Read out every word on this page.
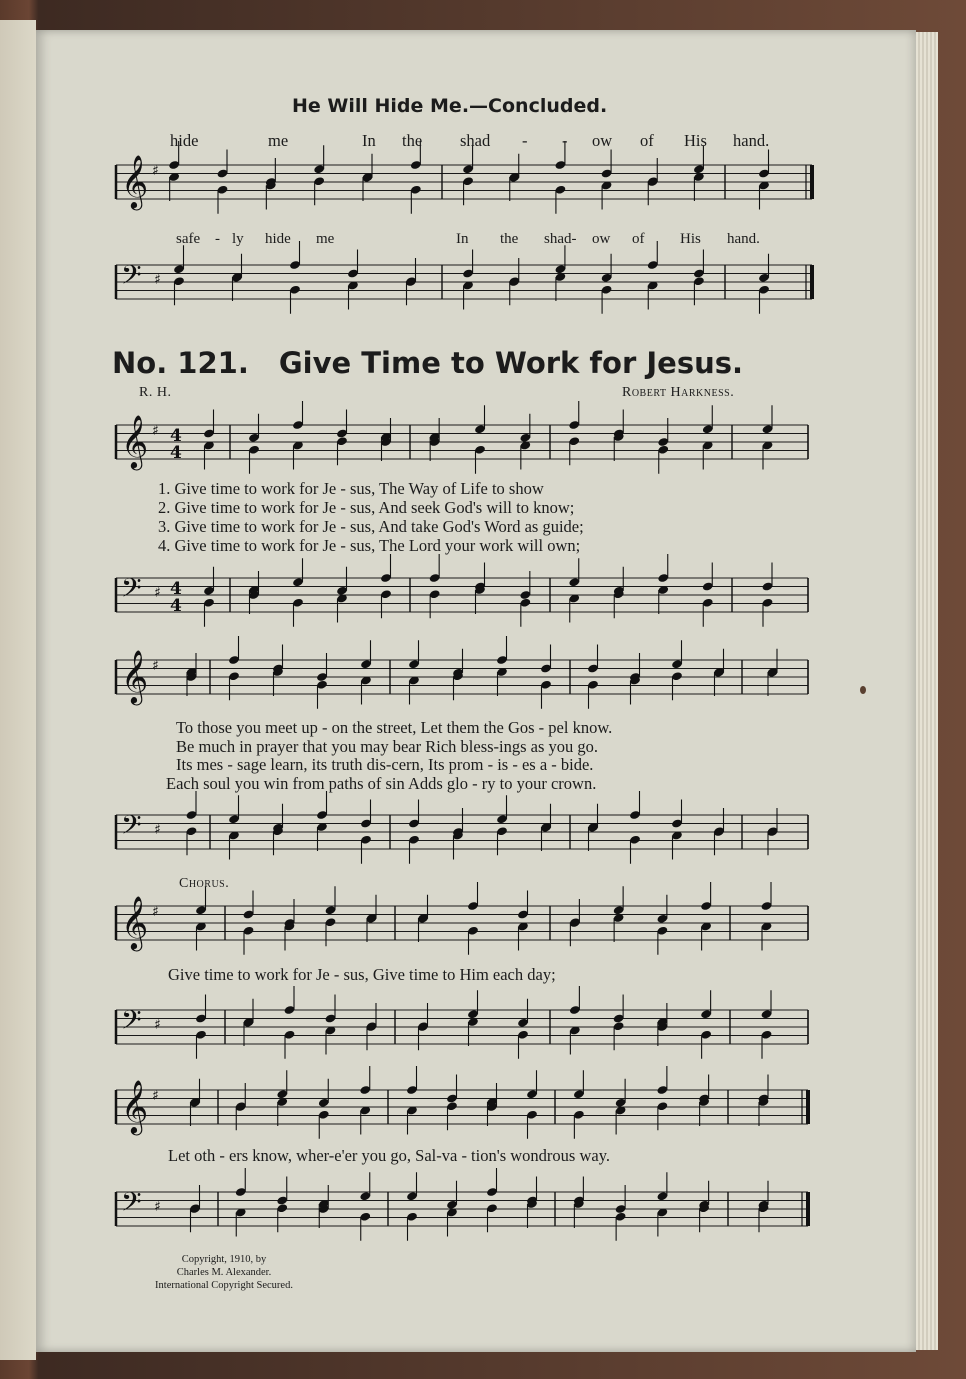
𝄞 ♯
𝄢 ♯
𝄞 ♯
𝄢 ♯
𝄞 ♯
𝄢 ♯
𝄞 ♯
𝄢 ♯
𝄞 ♯
𝄢 ♯
4
4
4
4
He Will Hide Me.—Concluded.
hide	me	In the shad - - ow of His hand.
safe - ly hide me	In the shad- ow of His hand.
No. 121. Give Time to Work for Jesus.
R. H.	Robert Harkness.
1. Give time to work for Je - sus, The Way of Life to show
2. Give time to work for Je - sus, And seek God's will to know;
3. Give time to work for Je - sus, And take God's Word as guide;
4. Give time to work for Je - sus, The Lord your work will own;
To those you meet up - on the street, Let them the Gos - pel know.
Be much in prayer that you may bear Rich bless-ings as you go.
Its mes - sage learn, its truth dis-cern, Its prom - is - es a - bide.
Each soul you win from paths of sin Adds glo - ry to your crown.
Chorus.
Give time to work for Je - sus, Give time to Him each day;
Let oth - ers know, wher-e'er you go, Sal-va - tion's wondrous way.
Copyright, 1910, by
Charles M. Alexander.
International Copyright Secured.
